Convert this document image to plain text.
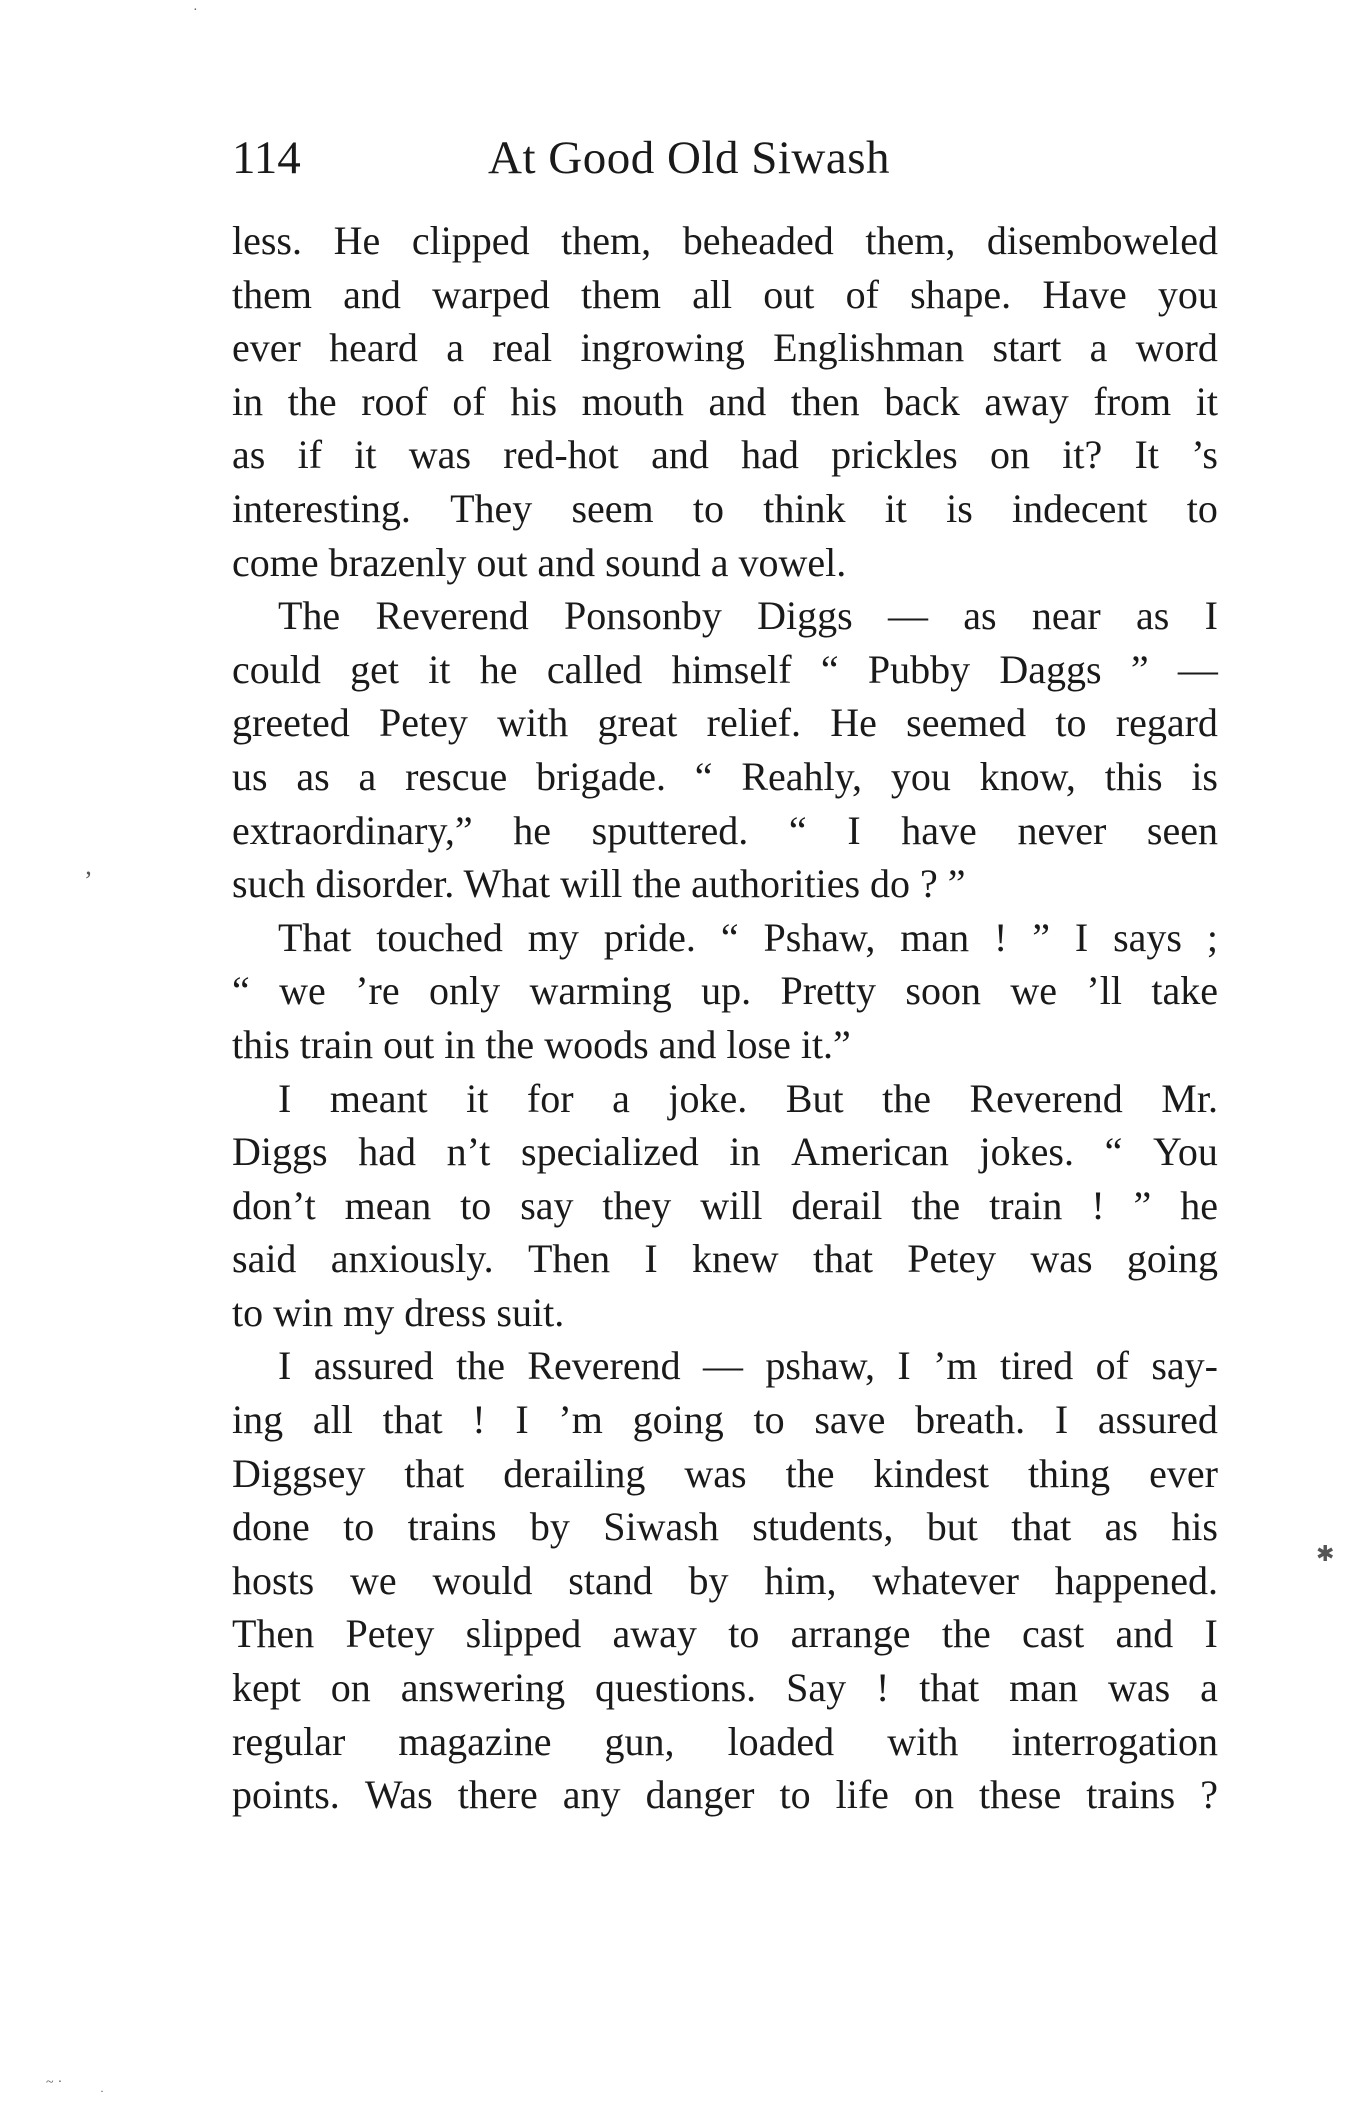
·
114	At Good Old Siwash
less. He clipped them, beheaded them, disemboweled
them and warped them all out of shape. Have you
ever heard a real ingrowing Englishman start a word
in the roof of his mouth and then back away from it
as if it was red-hot and had prickles on it? It ’s
interesting. They seem to think it is indecent to
come brazenly out and sound a vowel.
The Reverend Ponsonby Diggs — as near as I
could get it he called himself “ Pubby Daggs ” —
greeted Petey with great relief. He seemed to regard
us as a rescue brigade. “ Reahly, you know, this is
extraordinary,” he sputtered. “ I have never seen
such disorder. What will the authorities do ? ”
That touched my pride. “ Pshaw, man ! ” I says ;
“ we ’re only warming up. Pretty soon we ’ll take
this train out in the woods and lose it.”
I meant it for a joke. But the Reverend Mr.
Diggs had n’t specialized in American jokes. “ You
don’t mean to say they will derail the train ! ” he
said anxiously. Then I knew that Petey was going
to win my dress suit.
I assured the Reverend — pshaw, I ’m tired of say-
ing all that ! I ’m going to save breath. I assured
Diggsey that derailing was the kindest thing ever
done to trains by Siwash students, but that as his
hosts we would stand by him, whatever happened.
Then Petey slipped away to arrange the cast and I
kept on answering questions. Say ! that man was a
regular magazine gun, loaded with interrogation
points. Was there any danger to life on these trains ?
ʼ
✱
~·
·
